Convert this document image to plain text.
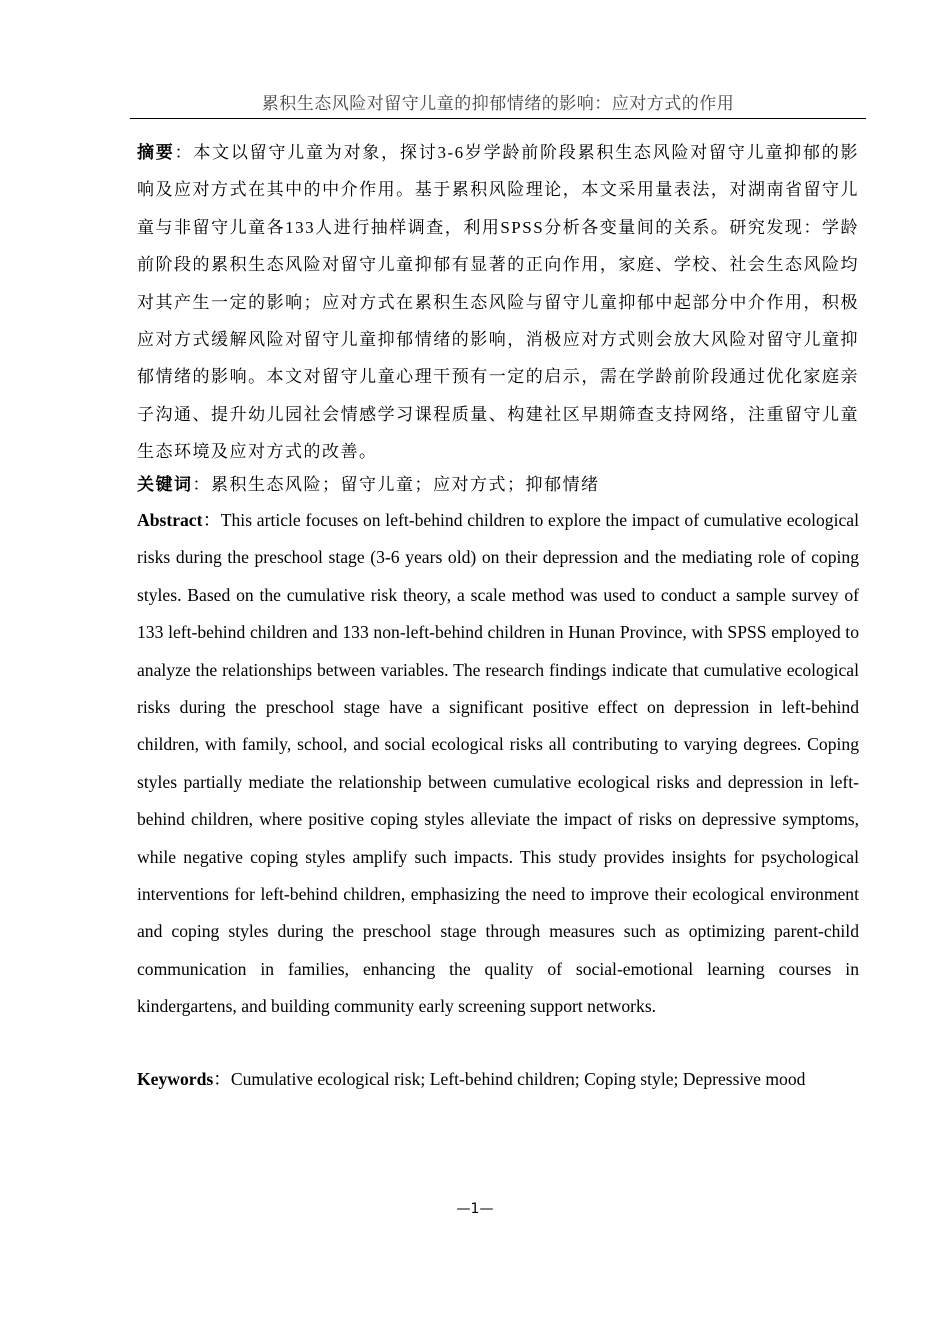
累积生态风险对留守儿童的抑郁情绪的影响：应对方式的作用
摘要：本文以留守儿童为对象，探讨3-6岁学龄前阶段累积生态风险对留守儿童抑郁的影响及应对方式在其中的中介作用。基于累积风险理论，本文采用量表法，对湖南省留守儿童与非留守儿童各133人进行抽样调查，利用SPSS分析各变量间的关系。研究发现：学龄前阶段的累积生态风险对留守儿童抑郁有显著的正向作用，家庭、学校、社会生态风险均对其产生一定的影响；应对方式在累积生态风险与留守儿童抑郁中起部分中介作用，积极应对方式缓解风险对留守儿童抑郁情绪的影响，消极应对方式则会放大风险对留守儿童抑郁情绪的影响。本文对留守儿童心理干预有一定的启示，需在学龄前阶段通过优化家庭亲子沟通、提升幼儿园社会情感学习课程质量、构建社区早期筛查支持网络，注重留守儿童生态环境及应对方式的改善。
关键词：累积生态风险；留守儿童；应对方式；抑郁情绪
Abstract：This article focuses on left-behind children to explore the impact of cumulative ecological risks during the preschool stage (3-6 years old) on their depression and the mediating role of coping styles. Based on the cumulative risk theory, a scale method was used to conduct a sample survey of 133 left-behind children and 133 non-left-behind children in Hunan Province, with SPSS employed to analyze the relationships between variables. The research findings indicate that cumulative ecological risks during the preschool stage have a significant positive effect on depression in left-behind children, with family, school, and social ecological risks all contributing to varying degrees. Coping styles partially mediate the relationship between cumulative ecological risks and depression in left-behind children, where positive coping styles alleviate the impact of risks on depressive symptoms, while negative coping styles amplify such impacts. This study provides insights for psychological interventions for left-behind children, emphasizing the need to improve their ecological environment and coping styles during the preschool stage through measures such as optimizing parent-child communication in families, enhancing the quality of social-emotional learning courses in kindergartens, and building community early screening support networks.
Keywords：Cumulative ecological risk; Left-behind children; Coping style; Depressive mood
—1—
